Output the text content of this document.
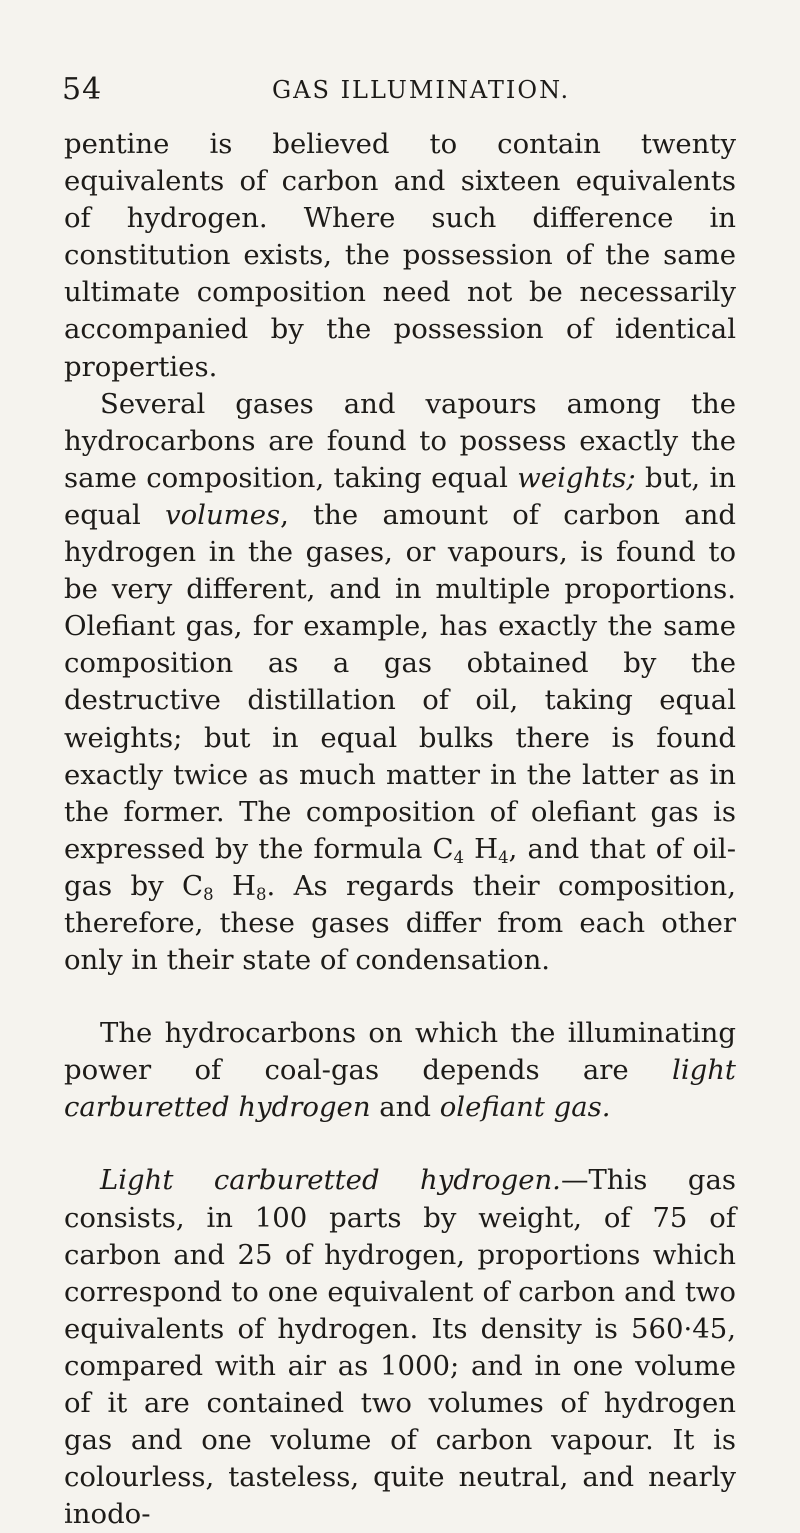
54	GAS ILLUMINATION.

pentine is believed to contain twenty equivalents of carbon and sixteen equivalents of hydrogen. Where such difference in constitution exists, the possession of the same ultimate composition need not be necessarily accompanied by the possession of identical properties.

Several gases and vapours among the hydrocarbons are found to possess exactly the same composition, taking equal weights; but, in equal volumes, the amount of carbon and hydrogen in the gases, or vapours, is found to be very different, and in multiple proportions. Olefiant gas, for example, has exactly the same composition as a gas obtained by the destructive distillation of oil, taking equal weights; but in equal bulks there is found exactly twice as much matter in the latter as in the former. The composition of olefiant gas is expressed by the formula $C_4$ $H_4$, and that of oil-gas by $C_8$ $H_8$. As regards their composition, therefore, these gases differ from each other only in their state of condensation.

The hydrocarbons on which the illuminating power of coal-gas depends are light carburetted hydrogen and olefiant gas.

Light carburetted hydrogen.—This gas consists, in 100 parts by weight, of 75 of carbon and 25 of hydrogen, proportions which correspond to one equivalent of carbon and two equivalents of hydrogen. Its density is 560·45, compared with air as 1000; and in one volume of it are contained two volumes of hydrogen gas and one volume of carbon vapour. It is colourless, tasteless, quite neutral, and nearly inodo-
